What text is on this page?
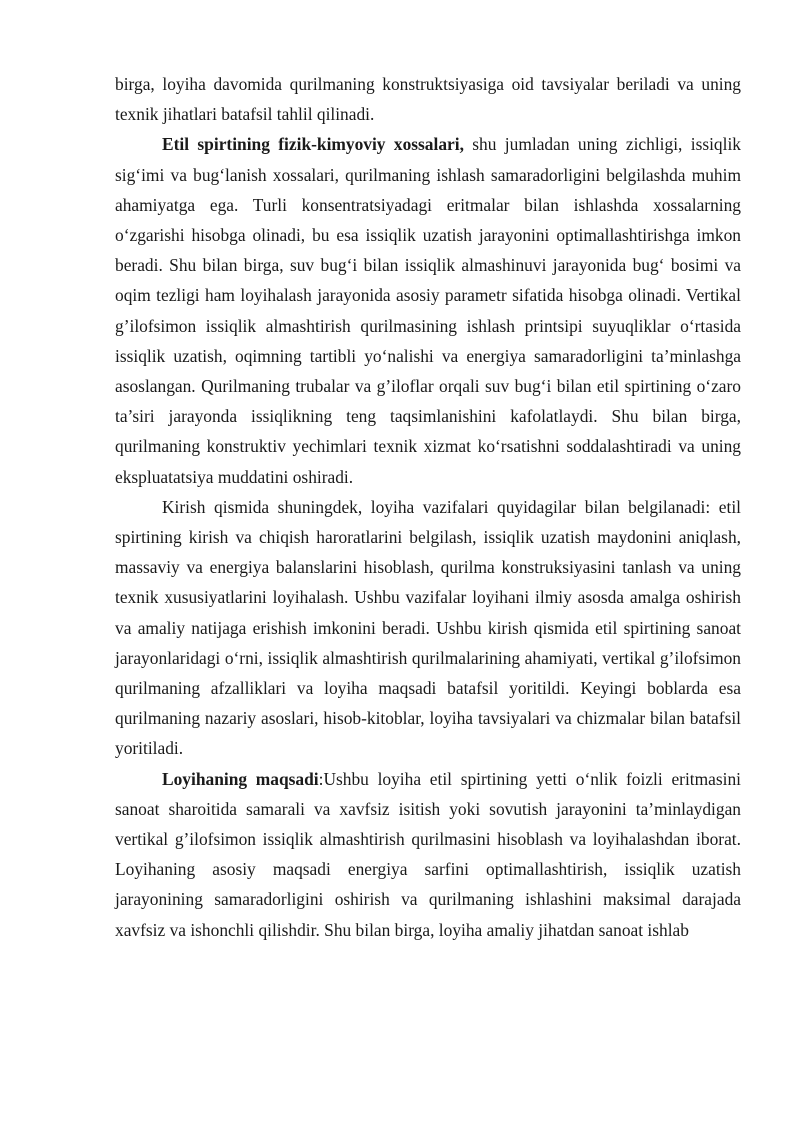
birga, loyiha davomida qurilmaning konstruktsiyasiga oid tavsiyalar beriladi va uning texnik jihatlari batafsil tahlil qilinadi.

Etil spirtining fizik-kimyoviy xossalari, shu jumladan uning zichligi, issiqlik sig‘imi va bug‘lanish xossalari, qurilmaning ishlash samaradorligini belgilashda muhim ahamiyatga ega. Turli konsentratsiyadagi eritmalar bilan ishlashda xossalarning o‘zgarishi hisobga olinadi, bu esa issiqlik uzatish jarayonini optimallashtirishga imkon beradi. Shu bilan birga, suv bug‘i bilan issiqlik almashinuvi jarayonida bug‘ bosimi va oqim tezligi ham loyihalash jarayonida asosiy parametr sifatida hisobga olinadi. Vertikal g’ilofsimon issiqlik almashtirish qurilmasining ishlash printsipi suyuqliklar o‘rtasida issiqlik uzatish, oqimning tartibli yo‘nalishi va energiya samaradorligini ta’minlashga asoslangan. Qurilmaning trubalar va g’iloflar orqali suv bug‘i bilan etil spirtining o‘zaro ta’siri jarayonda issiqlikning teng taqsimlanishini kafolatlaydi. Shu bilan birga, qurilmaning konstruktiv yechimlari texnik xizmat ko‘rsatishni soddalashtiradi va uning ekspluatatsiya muddatini oshiradi.

Kirish qismida shuningdek, loyiha vazifalari quyidagilar bilan belgilanadi: etil spirtining kirish va chiqish haroratlarini belgilash, issiqlik uzatish maydonini aniqlash, massaviy va energiya balanslarini hisoblash, qurilma konstruksiyasini tanlash va uning texnik xususiyatlarini loyihalash. Ushbu vazifalar loyihani ilmiy asosda amalga oshirish va amaliy natijaga erishish imkonini beradi. Ushbu kirish qismida etil spirtining sanoat jarayonlaridagi o‘rni, issiqlik almashtirish qurilmalarining ahamiyati, vertikal g’ilofsimon qurilmaning afzalliklari va loyiha maqsadi batafsil yoritildi. Keyingi boblarda esa qurilmaning nazariy asoslari, hisob-kitoblar, loyiha tavsiyalari va chizmalar bilan batafsil yoritiladi.

Loyihaning maqsadi:Ushbu loyiha etil spirtining yetti o‘nlik foizli eritmasini sanoat sharoitida samarali va xavfsiz isitish yoki sovutish jarayonini ta’minlaydigan vertikal g’ilofsimon issiqlik almashtirish qurilmasini hisoblash va loyihalashdan iborat. Loyihaning asosiy maqsadi energiya sarfini optimallashtirish, issiqlik uzatish jarayonining samaradorligini oshirish va qurilmaning ishlashini maksimal darajada xavfsiz va ishonchli qilishdir. Shu bilan birga, loyiha amaliy jihatdan sanoat ishlab
